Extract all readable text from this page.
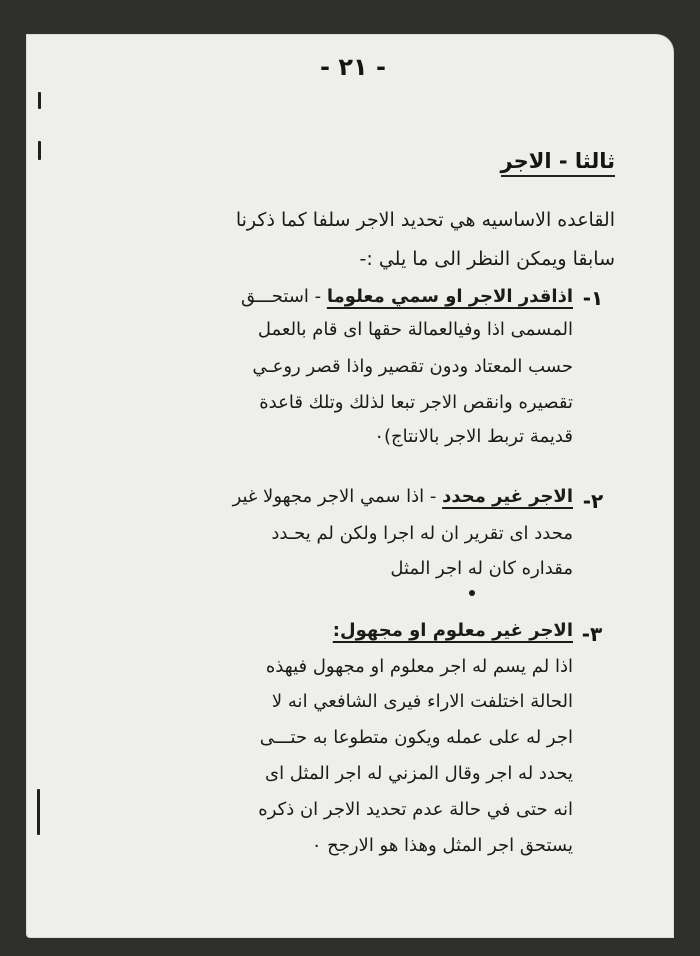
- ٢١ -
ثالثا - الاجر
القاعده الاساسيه هي تحديد الاجر سلفا كما ذكرنا
سابقا ويمكن النظر الى ما يلي :-
-١
اذاقدر الاجر او سمي معلوما - استحـــق
المسمى اذا وفيالعمالة حقها اى قام بالعمل
حسب المعتاد ودون تقصير واذا قصر روعـي
تقصيره وانقص الاجر تبعا لذلك وتلك قاعدة
قديمة تربط الاجر بالانتاج)٠
-٢
الاجر غير محدد - اذا سمي الاجر مجهولا غير
محدد اى تقرير ان له اجرا ولكن لم يحـدد
مقداره كان له اجر المثل
-٣
الاجر غير معلوم او مجهول:
اذا لم يسم له اجر معلوم او مجهول فيهذه
الحالة اختلفت الاراء فيرى الشافعي انه لا
اجر له على عمله ويكون متطوعا به حتـــى
يحدد له اجر وقال المزني له اجر المثل اى
انه حتى في حالة عدم تحديد الاجر ان ذكره
يستحق اجر المثل وهذا هو الارجح ٠
